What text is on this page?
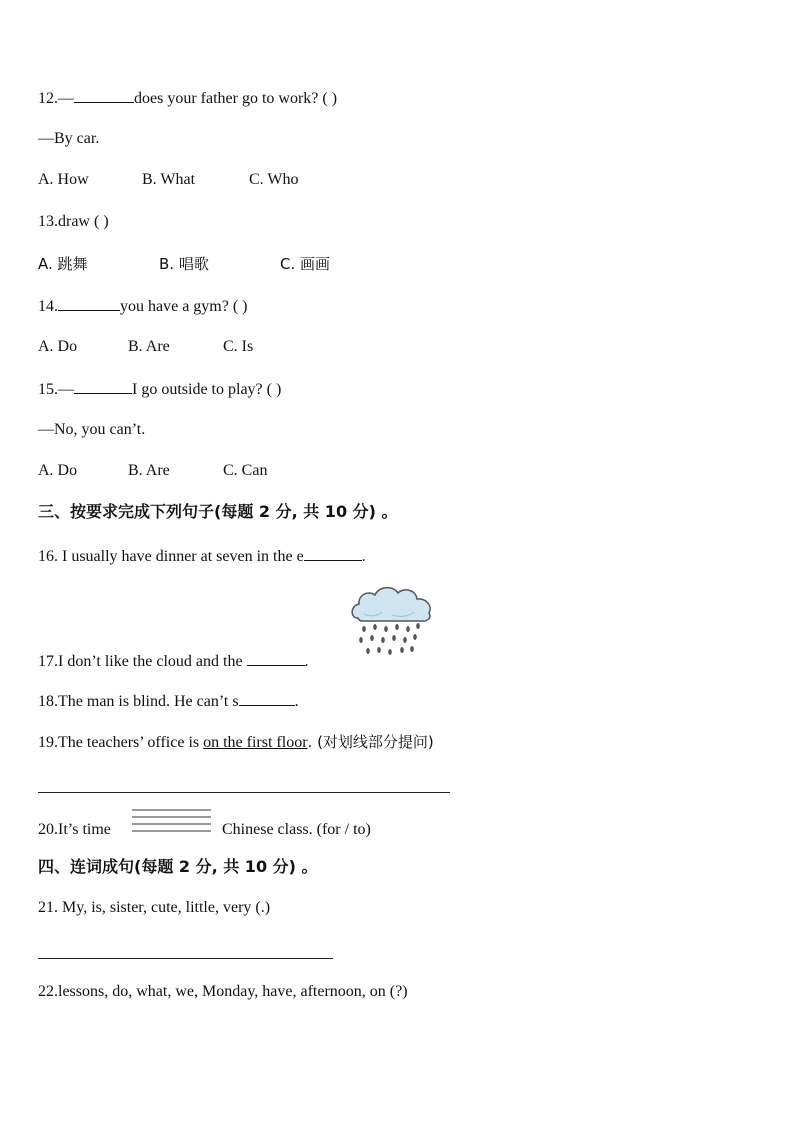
12.—	does your father go to work? ( )
—By car.
A. How	B. What	C. Who
13.draw ( )
A. 跳舞	B. 唱歌	C. 画画
14.	you have a gym? ( )
A. Do	B. Are	C. Is
15.—	I go outside to play? ( )
—No, you can’t.
A. Do	B. Are	C. Can
三、按要求完成下列句子(每题 2 分, 共 10 分) 。
16. I usually have dinner at seven in the e	.
17.I don’t like the cloud and the	.
18.The man is blind. He can’t s	.
19.The teachers’ office is on the first floor. (对划线部分提问)
20.It’s time	Chinese class. (for / to)
四、连词成句(每题 2 分, 共 10 分) 。
21. My, is, sister, cute, little, very (.)
22.lessons, do, what, we, Monday, have, afternoon, on (?)
